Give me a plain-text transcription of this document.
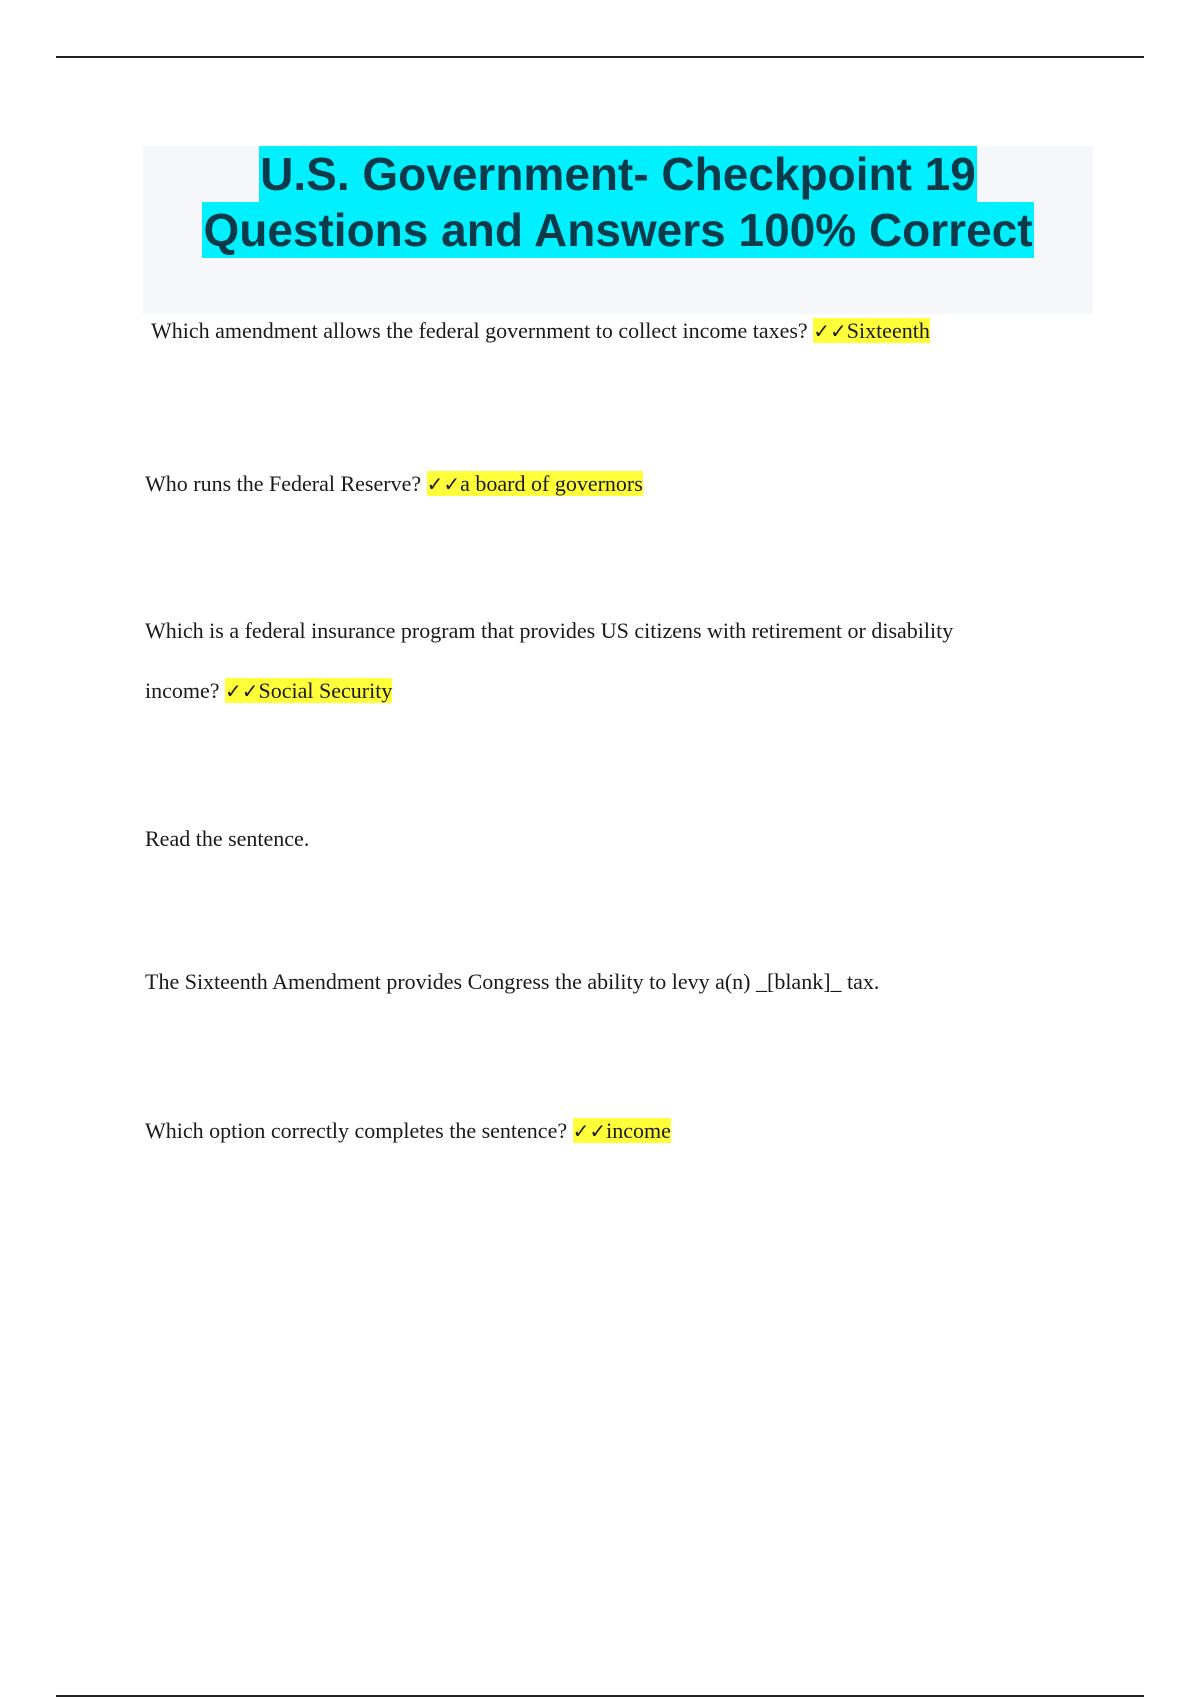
U.S. Government- Checkpoint 19
Questions and Answers 100% Correct
Which amendment allows the federal government to collect income taxes? ✓✓Sixteenth
Who runs the Federal Reserve? ✓✓a board of governors
Which is a federal insurance program that provides US citizens with retirement or disability
income? ✓✓Social Security
Read the sentence.
The Sixteenth Amendment provides Congress the ability to levy a(n) _[blank]_ tax.
Which option correctly completes the sentence? ✓✓income
